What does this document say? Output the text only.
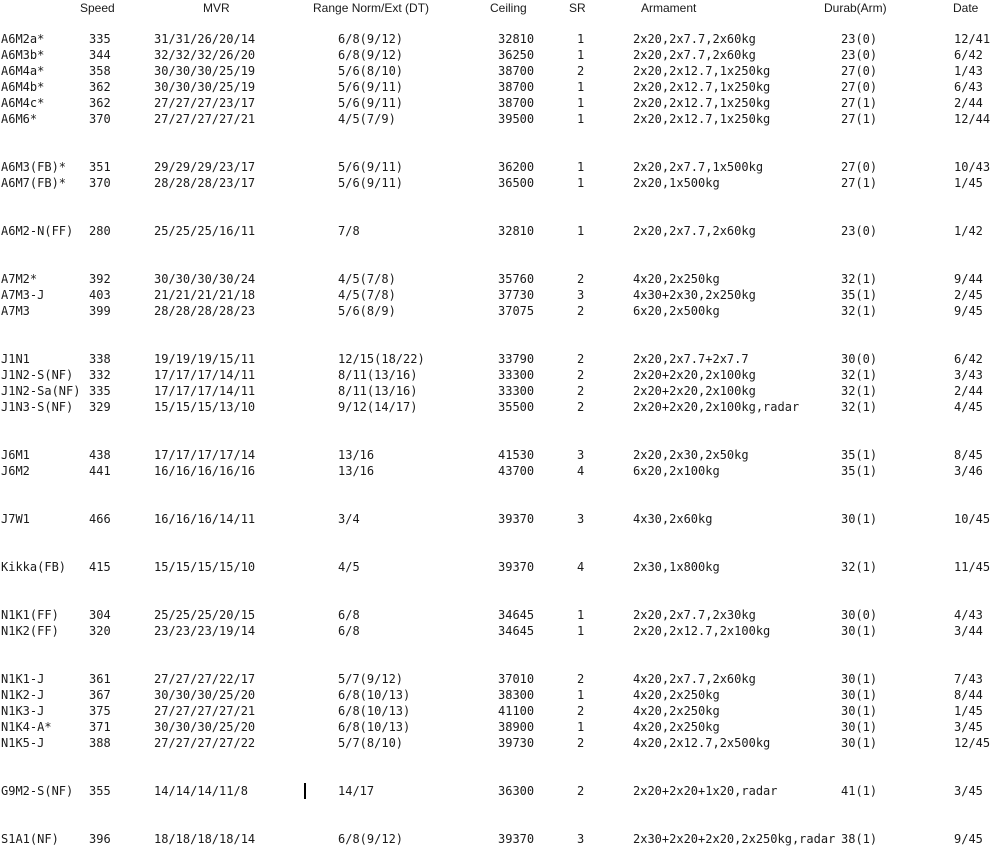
Speed	MVR	Range Norm/Ext (DT)	Ceiling	SR	Armament	Durab(Arm)	Date
A6M2a*	335	31/31/26/20/14	6/8(9/12)	32810	1	2x20,2x7.7,2x60kg	23(0)	12/41
A6M3b*	344	32/32/32/26/20	6/8(9/12)	36250	1	2x20,2x7.7,2x60kg	23(0)	6/42
A6M4a*	358	30/30/30/25/19	5/6(8/10)	38700	2	2x20,2x12.7,1x250kg	27(0)	1/43
A6M4b*	362	30/30/30/25/19	5/6(9/11)	38700	1	2x20,2x12.7,1x250kg	27(0)	6/43
A6M4c*	362	27/27/27/23/17	5/6(9/11)	38700	1	2x20,2x12.7,1x250kg	27(1)	2/44
A6M6*	370	27/27/27/27/21	4/5(7/9)	39500	1	2x20,2x12.7,1x250kg	27(1)	12/44
A6M3(FB)* 351	29/29/29/23/17	5/6(9/11)	36200	1	2x20,2x7.7,1x500kg	27(0)	10/43
A6M7(FB)* 370	28/28/28/23/17	5/6(9/11)	36500	1	2x20,1x500kg	27(1)	1/45
A6M2-N(FF) 280	25/25/25/16/11	7/8	32810	1	2x20,2x7.7,2x60kg	23(0)	1/42
A7M2*	392	30/30/30/30/24	4/5(7/8)	35760	2	4x20,2x250kg	32(1)	9/44
A7M3-J	403	21/21/21/21/18	4/5(7/8)	37730	3	4x30+2x30,2x250kg	35(1)	2/45
A7M3	399	28/28/28/28/23	5/6(8/9)	37075	2	6x20,2x500kg	32(1)	9/45
J1N1	338	19/19/19/15/11	12/15(18/22)	33790	2	2x20,2x7.7+2x7.7	30(0)	6/42
J1N2-S(NF) 332	17/17/17/14/11	8/11(13/16)	33300	2	2x20+2x20,2x100kg	32(1)	3/43
J1N2-Sa(NF) 335	17/17/17/14/11	8/11(13/16)	33300	2	2x20+2x20,2x100kg	32(1)	2/44
J1N3-S(NF) 329	15/15/15/13/10	9/12(14/17)	35500	2	2x20+2x20,2x100kg,radar	32(1)	4/45
J6M1	438	17/17/17/17/14	13/16	41530	3	2x20,2x30,2x50kg	35(1)	8/45
J6M2	441	16/16/16/16/16	13/16	43700	4	6x20,2x100kg	35(1)	3/46
J7W1	466	16/16/16/14/11	3/4	39370	3	4x30,2x60kg	30(1)	10/45
Kikka(FB) 415	15/15/15/15/10	4/5	39370	4	2x30,1x800kg	32(1)	11/45
N1K1(FF)	304	25/25/25/20/15	6/8	34645	1	2x20,2x7.7,2x30kg	30(0)	4/43
N1K2(FF)	320	23/23/23/19/14	6/8	34645	1	2x20,2x12.7,2x100kg	30(1)	3/44
N1K1-J	361	27/27/27/22/17	5/7(9/12)	37010	2	4x20,2x7.7,2x60kg	30(1)	7/43
N1K2-J	367	30/30/30/25/20	6/8(10/13)	38300	1	4x20,2x250kg	30(1)	8/44
N1K3-J	375	27/27/27/27/21	6/8(10/13)	41100	2	4x20,2x250kg	30(1)	1/45
N1K4-A*	371	30/30/30/25/20	6/8(10/13)	38900	1	4x20,2x250kg	30(1)	3/45
N1K5-J	388	27/27/27/27/22	5/7(8/10)	39730	2	4x20,2x12.7,2x500kg	30(1)	12/45
G9M2-S(NF) 355	14/14/14/11/8	14/17	36300	2	2x20+2x20+1x20,radar	41(1)	3/45
S1A1(NF)	396	18/18/18/18/14	6/8(9/12)	39370	3	2x30+2x20+2x20,2x250kg,radar 38(1)	9/45
